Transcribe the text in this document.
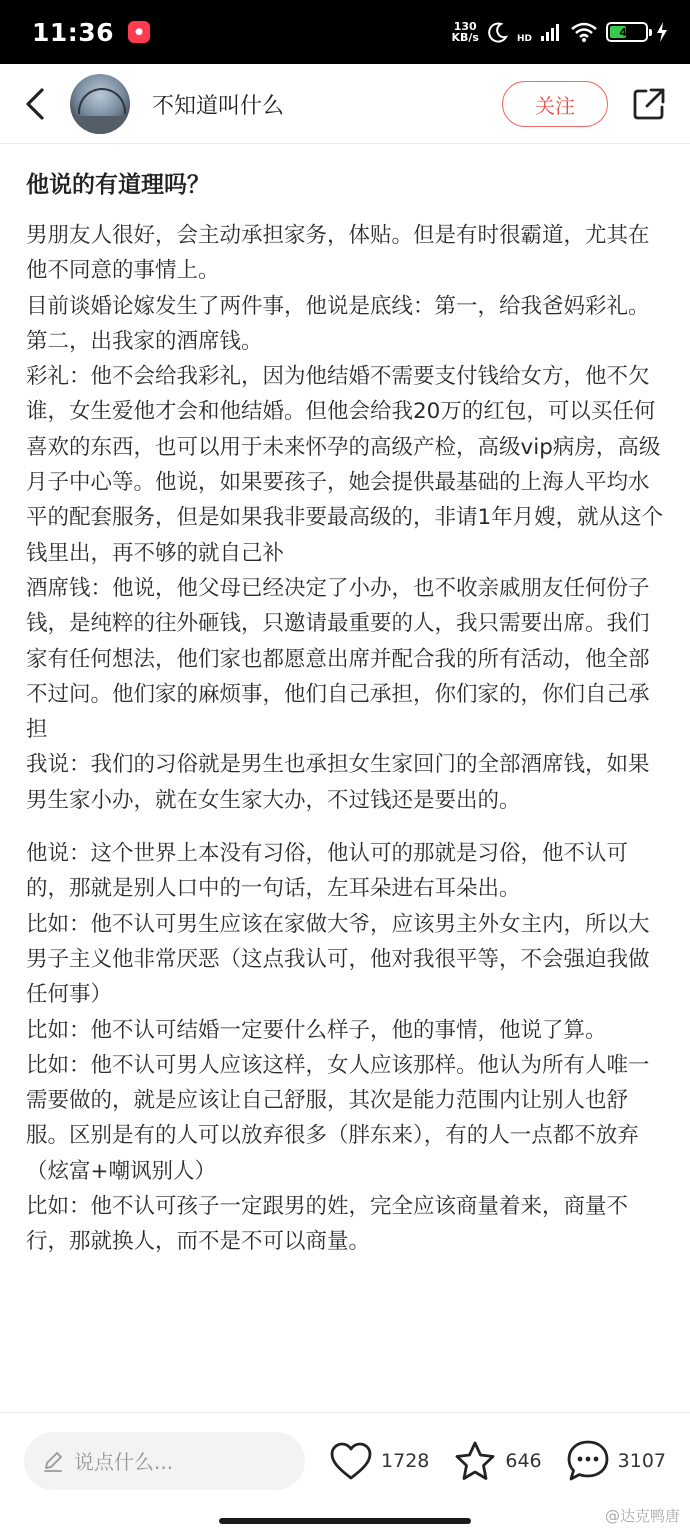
11:36	●	130
KB/s	HD
47
不知道叫什么	关注
他说的有道理吗？
男朋友人很好，会主动承担家务，体贴。但是有时很霸道，尤其在他不同意的事情上。
目前谈婚论嫁发生了两件事，他说是底线：第一，给我爸妈彩礼。第二，出我家的酒席钱。
彩礼：他不会给我彩礼，因为他结婚不需要支付钱给女方，他不欠谁，女生爱他才会和他结婚。但他会给我20万的红包，可以买任何喜欢的东西，也可以用于未来怀孕的高级产检，高级vip病房，高级月子中心等。他说，如果要孩子，她会提供最基础的上海人平均水平的配套服务，但是如果我非要最高级的，非请1年月嫂，就从这个钱里出，再不够的就自己补
酒席钱：他说，他父母已经决定了小办，也不收亲戚朋友任何份子钱，是纯粹的往外砸钱，只邀请最重要的人，我只需要出席。我们家有任何想法，他们家也都愿意出席并配合我的所有活动，他全部不过问。他们家的麻烦事，他们自己承担，你们家的，你们自己承担
我说：我们的习俗就是男生也承担女生家回门的全部酒席钱，如果男生家小办，就在女生家大办，不过钱还是要出的。
他说：这个世界上本没有习俗，他认可的那就是习俗，他不认可的，那就是别人口中的一句话，左耳朵进右耳朵出。
比如：他不认可男生应该在家做大爷，应该男主外女主内，所以大男子主义他非常厌恶（这点我认可，他对我很平等，不会强迫我做任何事）
比如：他不认可结婚一定要什么样子，他的事情，他说了算。
比如：他不认可男人应该这样，女人应该那样。他认为所有人唯一需要做的，就是应该让自己舒服，其次是能力范围内让别人也舒服。区别是有的人可以放弃很多（胖东来），有的人一点都不放弃（炫富+嘲讽别人）
比如：他不认可孩子一定跟男的姓，完全应该商量着来，商量不行，那就换人，而不是不可以商量。
说点什么...	1728	646	3107
@达克鸭唐
